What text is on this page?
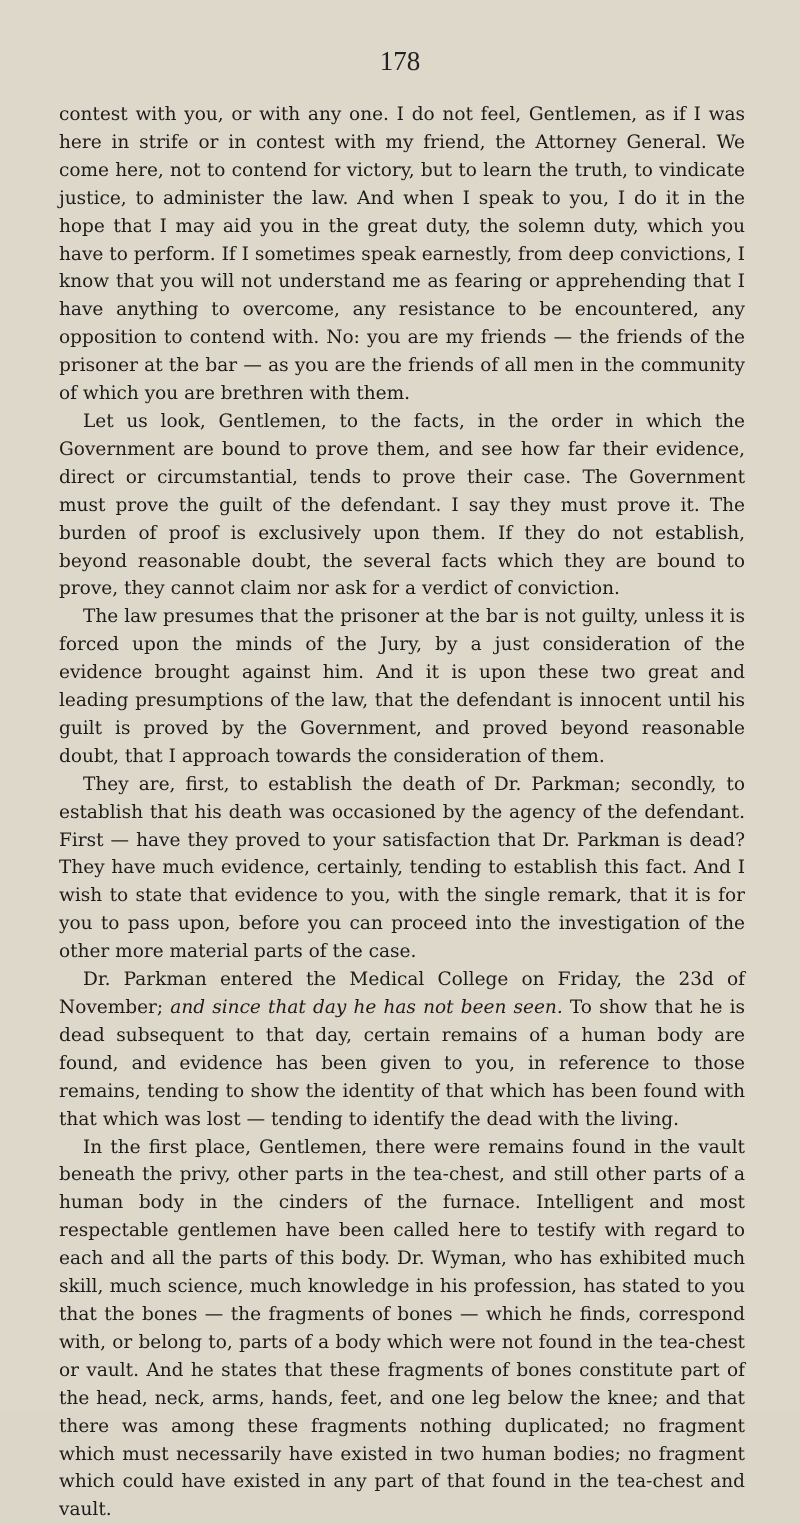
178

contest with you, or with any one. I do not feel, Gentlemen, as if I was here in strife or in contest with my friend, the Attorney General. We come here, not to contend for victory, but to learn the truth, to vindicate justice, to administer the law. And when I speak to you, I do it in the hope that I may aid you in the great duty, the solemn duty, which you have to perform. If I sometimes speak earnestly, from deep convictions, I know that you will not understand me as fearing or apprehending that I have anything to overcome, any resistance to be encountered, any opposition to contend with. No: you are my friends — the friends of the prisoner at the bar — as you are the friends of all men in the community of which you are brethren with them.

Let us look, Gentlemen, to the facts, in the order in which the Government are bound to prove them, and see how far their evidence, direct or circumstantial, tends to prove their case. The Government must prove the guilt of the defendant. I say they must prove it. The burden of proof is exclusively upon them. If they do not establish, beyond reasonable doubt, the several facts which they are bound to prove, they cannot claim nor ask for a verdict of conviction.

The law presumes that the prisoner at the bar is not guilty, unless it is forced upon the minds of the Jury, by a just consideration of the evidence brought against him. And it is upon these two great and leading presumptions of the law, that the defendant is innocent until his guilt is proved by the Government, and proved beyond reasonable doubt, that I approach towards the consideration of them.

They are, first, to establish the death of Dr. Parkman; secondly, to establish that his death was occasioned by the agency of the defendant. First — have they proved to your satisfaction that Dr. Parkman is dead? They have much evidence, certainly, tending to establish this fact. And I wish to state that evidence to you, with the single remark, that it is for you to pass upon, before you can proceed into the investigation of the other more material parts of the case.

Dr. Parkman entered the Medical College on Friday, the 23d of November; and since that day he has not been seen. To show that he is dead subsequent to that day, certain remains of a human body are found, and evidence has been given to you, in reference to those remains, tending to show the identity of that which has been found with that which was lost — tending to identify the dead with the living.

In the first place, Gentlemen, there were remains found in the vault beneath the privy, other parts in the tea-chest, and still other parts of a human body in the cinders of the furnace. Intelligent and most respectable gentlemen have been called here to testify with regard to each and all the parts of this body. Dr. Wyman, who has exhibited much skill, much science, much knowledge in his profession, has stated to you that the bones — the fragments of bones — which he finds, correspond with, or belong to, parts of a body which were not found in the tea-chest or vault. And he states that these fragments of bones constitute part of the head, neck, arms, hands, feet, and one leg below the knee; and that there was among these fragments nothing duplicated; no fragment which must necessarily have existed in two human bodies; no fragment which could have existed in any part of that found in the tea-chest and vault.
